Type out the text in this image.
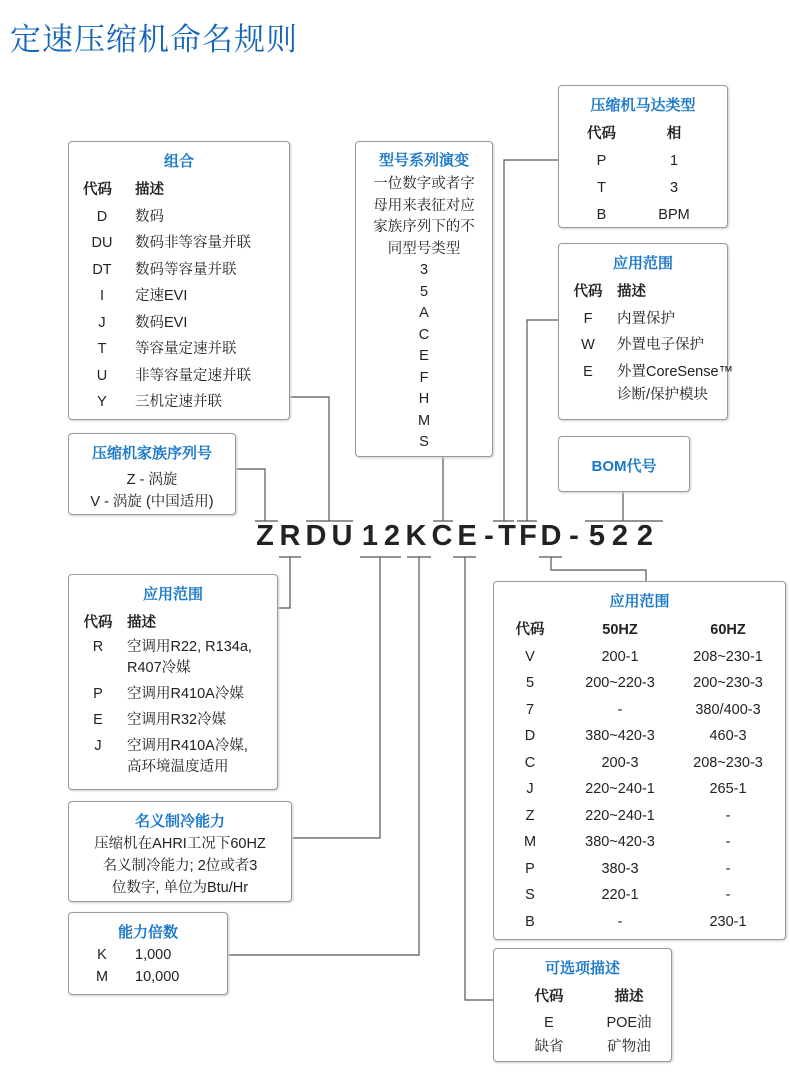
定速压缩机命名规则
Z R D U 1 2 K C E - T F D - 5 2 2
组合
代码	描述
D	数码
DU	数码非等容量并联
DT	数码等容量并联
I	定速EVI
J	数码EVI
T	等容量定速并联
U	非等容量定速并联
Y	三机定速并联
压缩机家族序列号
Z - 涡旋
V - 涡旋 (中国适用)
型号系列演变
一位数字或者字
母用来表征对应
家族序列下的不
同型号类型
3
5
A
C
E
F
H
M
S
压缩机马达类型
代码	相
P	1
T	3
B	BPM
应用范围
代码	描述
F	内置保护
W	外置电子保护
E	外置CoreSense™
诊断/保护模块
BOM代号
应用范围
代码	描述
R	空调用R22, R134a,
R407冷媒
P	空调用R410A冷媒
E	空调用R32冷媒
J	空调用R410A冷媒,
高环境温度适用
名义制冷能力
压缩机在AHRI工况下60HZ
名义制冷能力; 2位或者3
位数字, 单位为Btu/Hr
能力倍数
K	1,000
M	10,000
应用范围
代码	50HZ	60HZ
V	200-1	208~230-1
5	200~220-3	200~230-3
7	-	380/400-3
D	380~420-3	460-3
C	200-3	208~230-3
J	220~240-1	265-1
Z	220~240-1	-
M	380~420-3	-
P	380-3	-
S	220-1	-
B	-	230-1
可选项描述
代码	描述
E	POE油
缺省	矿物油
